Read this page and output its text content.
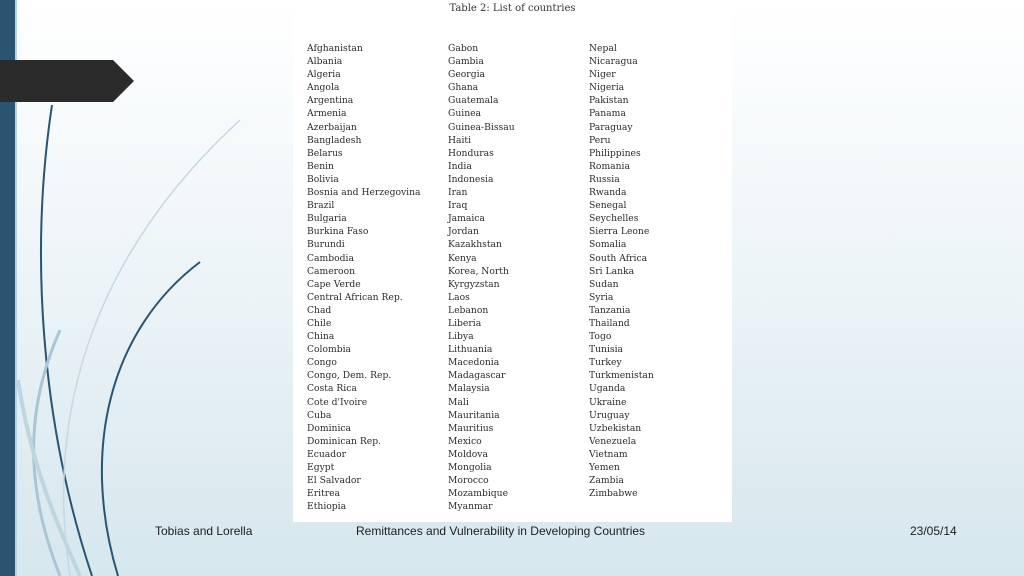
Table 2: List of countries
Afghanistan
Albania
Algeria
Angola
Argentina
Armenia
Azerbaijan
Bangladesh
Belarus
Benin
Bolivia
Bosnia and Herzegovina
Brazil
Bulgaria
Burkina Faso
Burundi
Cambodia
Cameroon
Cape Verde
Central African Rep.
Chad
Chile
China
Colombia
Congo
Congo, Dem. Rep.
Costa Rica
Cote d'Ivoire
Cuba
Dominica
Dominican Rep.
Ecuador
Egypt
El Salvador
Eritrea
Ethiopia
Gabon
Gambia
Georgia
Ghana
Guatemala
Guinea
Guinea-Bissau
Haiti
Honduras
India
Indonesia
Iran
Iraq
Jamaica
Jordan
Kazakhstan
Kenya
Korea, North
Kyrgyzstan
Laos
Lebanon
Liberia
Libya
Lithuania
Macedonia
Madagascar
Malaysia
Mali
Mauritania
Mauritius
Mexico
Moldova
Mongolia
Morocco
Mozambique
Myanmar
Nepal
Nicaragua
Niger
Nigeria
Pakistan
Panama
Paraguay
Peru
Philippines
Romania
Russia
Rwanda
Senegal
Seychelles
Sierra Leone
Somalia
South Africa
Sri Lanka
Sudan
Syria
Tanzania
Thailand
Togo
Tunisia
Turkey
Turkmenistan
Uganda
Ukraine
Uruguay
Uzbekistan
Venezuela
Vietnam
Yemen
Zambia
Zimbabwe
Tobias and Lorella	Remittances and Vulnerability in Developing Countries	23/05/14
